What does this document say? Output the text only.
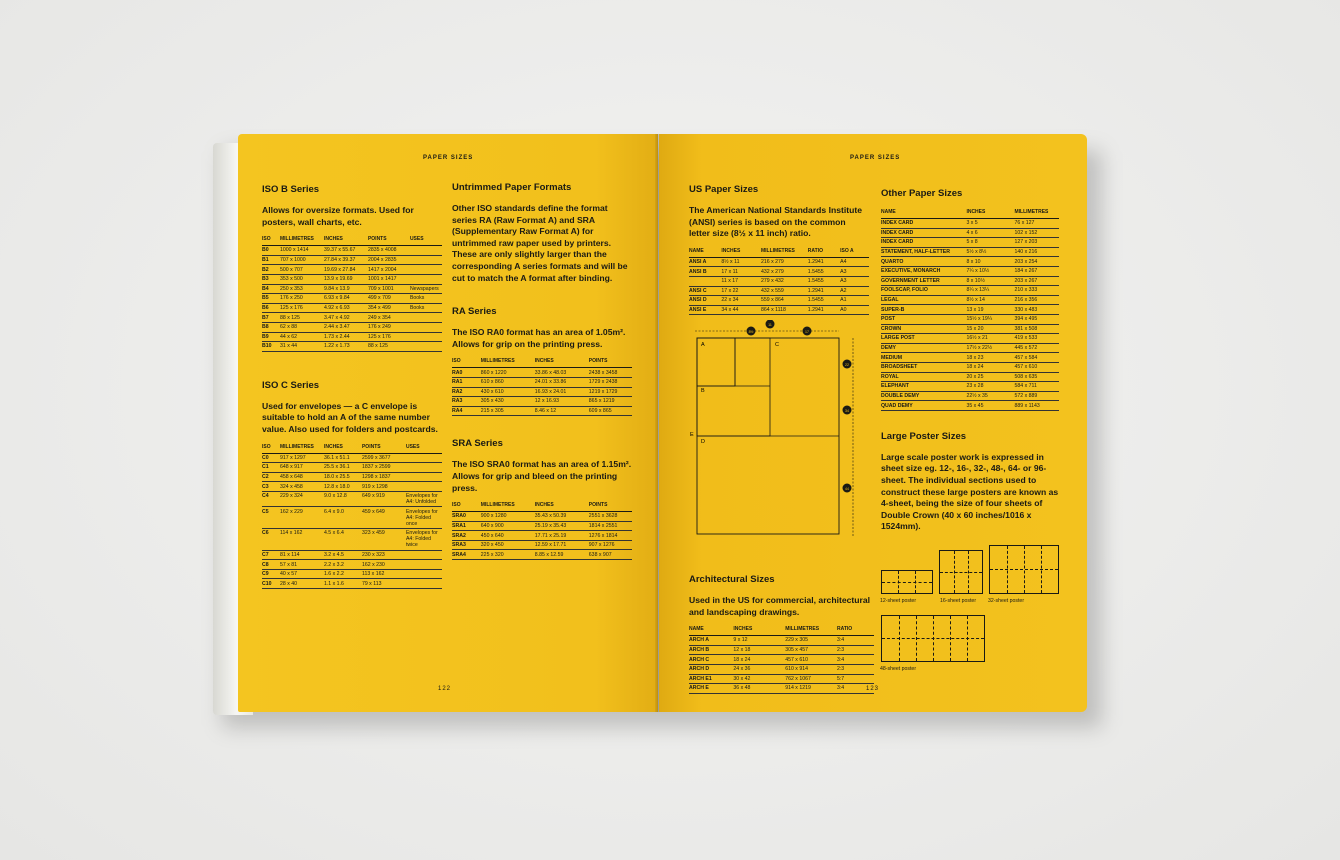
PAPER SIZES
ISO B Series

Allows for oversize formats. Used for posters, wall charts, etc.

ISO	MILLIMETRES	INCHES	POINTS	USES
B0	1000 x 1414	39.37 x 55.67	2835 x 4008	
B1	707 x 1000	27.84 x 39.37	2004 x 2835	
B2	500 x 707	19.69 x 27.84	1417 x 2004	
B3	353 x 500	13.9 x 19.69	1001 x 1417	
B4	250 x 353	9.84 x 13.9	709 x 1001	Newspapers
B5	176 x 250	6.93 x 9.84	499 x 709	Books
B6	125 x 176	4.92 x 6.93	354 x 499	Books
B7	88 x 125	3.47 x 4.92	249 x 354	
B8	62 x 88	2.44 x 3.47	176 x 249	
B9	44 x 62	1.73 x 2.44	125 x 176	
B10	31 x 44	1.22 x 1.73	88 x 125	
ISO C Series

Used for envelopes — a C envelope is suitable to hold an A of the same number value. Also used for folders and postcards.

ISO	MILLIMETRES	INCHES	POINTS	USES
C0	917 x 1297	36.1 x 51.1	2599 x 3677	
C1	648 x 917	25.5 x 36.1	1837 x 2599	
C2	458 x 648	18.0 x 25.5	1298 x 1837	
C3	324 x 458	12.8 x 18.0	919 x 1298	
C4	229 x 324	9.0 x 12.8	649 x 919	Envelopes for A4: Unfolded
C5	162 x 229	6.4 x 9.0	459 x 649	Envelopes for A4: Folded once
C6	114 x 162	4.5 x 6.4	323 x 459	Envelopes for A4: Folded twice
C7	81 x 114	3.2 x 4.5	230 x 323	
C8	57 x 81	2.2 x 3.2	162 x 230	
C9	40 x 57	1.6 x 2.2	113 x 162	
C10	28 x 40	1.1 x 1.6	79 x 113	
Untrimmed Paper Formats

Other ISO standards define the format series RA (Raw Format A) and SRA (Supplementary Raw Format A) for untrimmed raw paper used by printers. These are only slightly larger than the corresponding A series formats and will be cut to match the A format after binding.

RA Series

The ISO RA0 format has an area of 1.05m². Allows for grip on the printing press.

ISO	MILLIMETRES	INCHES	POINTS
RA0	860 x 1220	33.86 x 48.03	2438 x 3458
RA1	610 x 860	24.01 x 33.86	1729 x 2438
RA2	430 x 610	16.93 x 24.01	1219 x 1729
RA3	305 x 430	12 x 16.93	865 x 1219
RA4	215 x 305	8.46 x 12	609 x 865
SRA Series

The ISO SRA0 format has an area of 1.15m². Allows for grip and bleed on the printing press.

ISO	MILLIMETRES	INCHES	POINTS
SRA0	900 x 1280	35.43 x 50.39	2551 x 3628
SRA1	640 x 900	25.19 x 35.43	1814 x 2551
SRA2	450 x 640	17.71 x 25.19	1276 x 1814
SRA3	320 x 450	12.59 x 17.71	907 x 1276
SRA4	225 x 320	8.85 x 12.59	638 x 907
122
PAPER SIZES
US Paper Sizes

The American National Standards Institute (ANSI) series is based on the common letter size (8½ x 11 inch) ratio.

NAME	INCHES	MILLIMETRES	RATIO	ISO A
ANSI A	8½ x 11	216 x 279	1.2941	A4
ANSI B	17 x 11	432 x 279	1.5455	A3
	11 x 17	279 x 432	1.5455	A3
ANSI C	17 x 22	432 x 559	1.2941	A2
ANSI D	22 x 34	559 x 864	1.5455	A1
ANSI E	34 x 44	864 x 1118	1.2941	A0
A
B
C
D
E
8½
11
17
22
34
44
Architectural Sizes

Used in the US for commercial, architectural and landscaping drawings.

NAME	INCHES	MILLIMETRES	RATIO
ARCH A	9 x 12	229 x 305	3:4
ARCH B	12 x 18	305 x 457	2:3
ARCH C	18 x 24	457 x 610	3:4
ARCH D	24 x 36	610 x 914	2:3
ARCH E1	30 x 42	762 x 1067	5:7
ARCH E	36 x 48	914 x 1219	3:4
Other Paper Sizes
NAME	INCHES	MILLIMETRES
INDEX CARD	3 x 5	76 x 127
INDEX CARD	4 x 6	102 x 152
INDEX CARD	5 x 8	127 x 203
STATEMENT, HALF-LETTER	5½ x 8½	140 x 216
QUARTO	8 x 10	203 x 254
EXECUTIVE, MONARCH	7¼ x 10½	184 x 267
GOVERNMENT LETTER	8 x 10½	203 x 267
FOOLSCAP, FOLIO	8¼ x 13¼	210 x 333
LEGAL	8½ x 14	216 x 356
SUPER-B	13 x 19	330 x 483
POST	15½ x 19¼	394 x 495
CROWN	15 x 20	381 x 508
LARGE POST	16½ x 21	419 x 533
DEMY	17½ x 22½	445 x 572
MEDIUM	18 x 23	457 x 584
BROADSHEET	18 x 24	457 x 610
ROYAL	20 x 25	508 x 635
ELEPHANT	23 x 28	584 x 711
DOUBLE DEMY	22½ x 35	572 x 889
QUAD DEMY	35 x 45	889 x 1143
Large Poster Sizes

Large scale poster work is expressed in sheet size eg. 12-, 16-, 32-, 48-, 64- or 96-sheet. The individual sections used to construct these large posters are known as 4-sheet, being the size of four sheets of Double Crown (40 x 60 inches/1016 x 1524mm).

12-sheet poster	16-sheet poster 32-sheet poster
48-sheet poster
123
